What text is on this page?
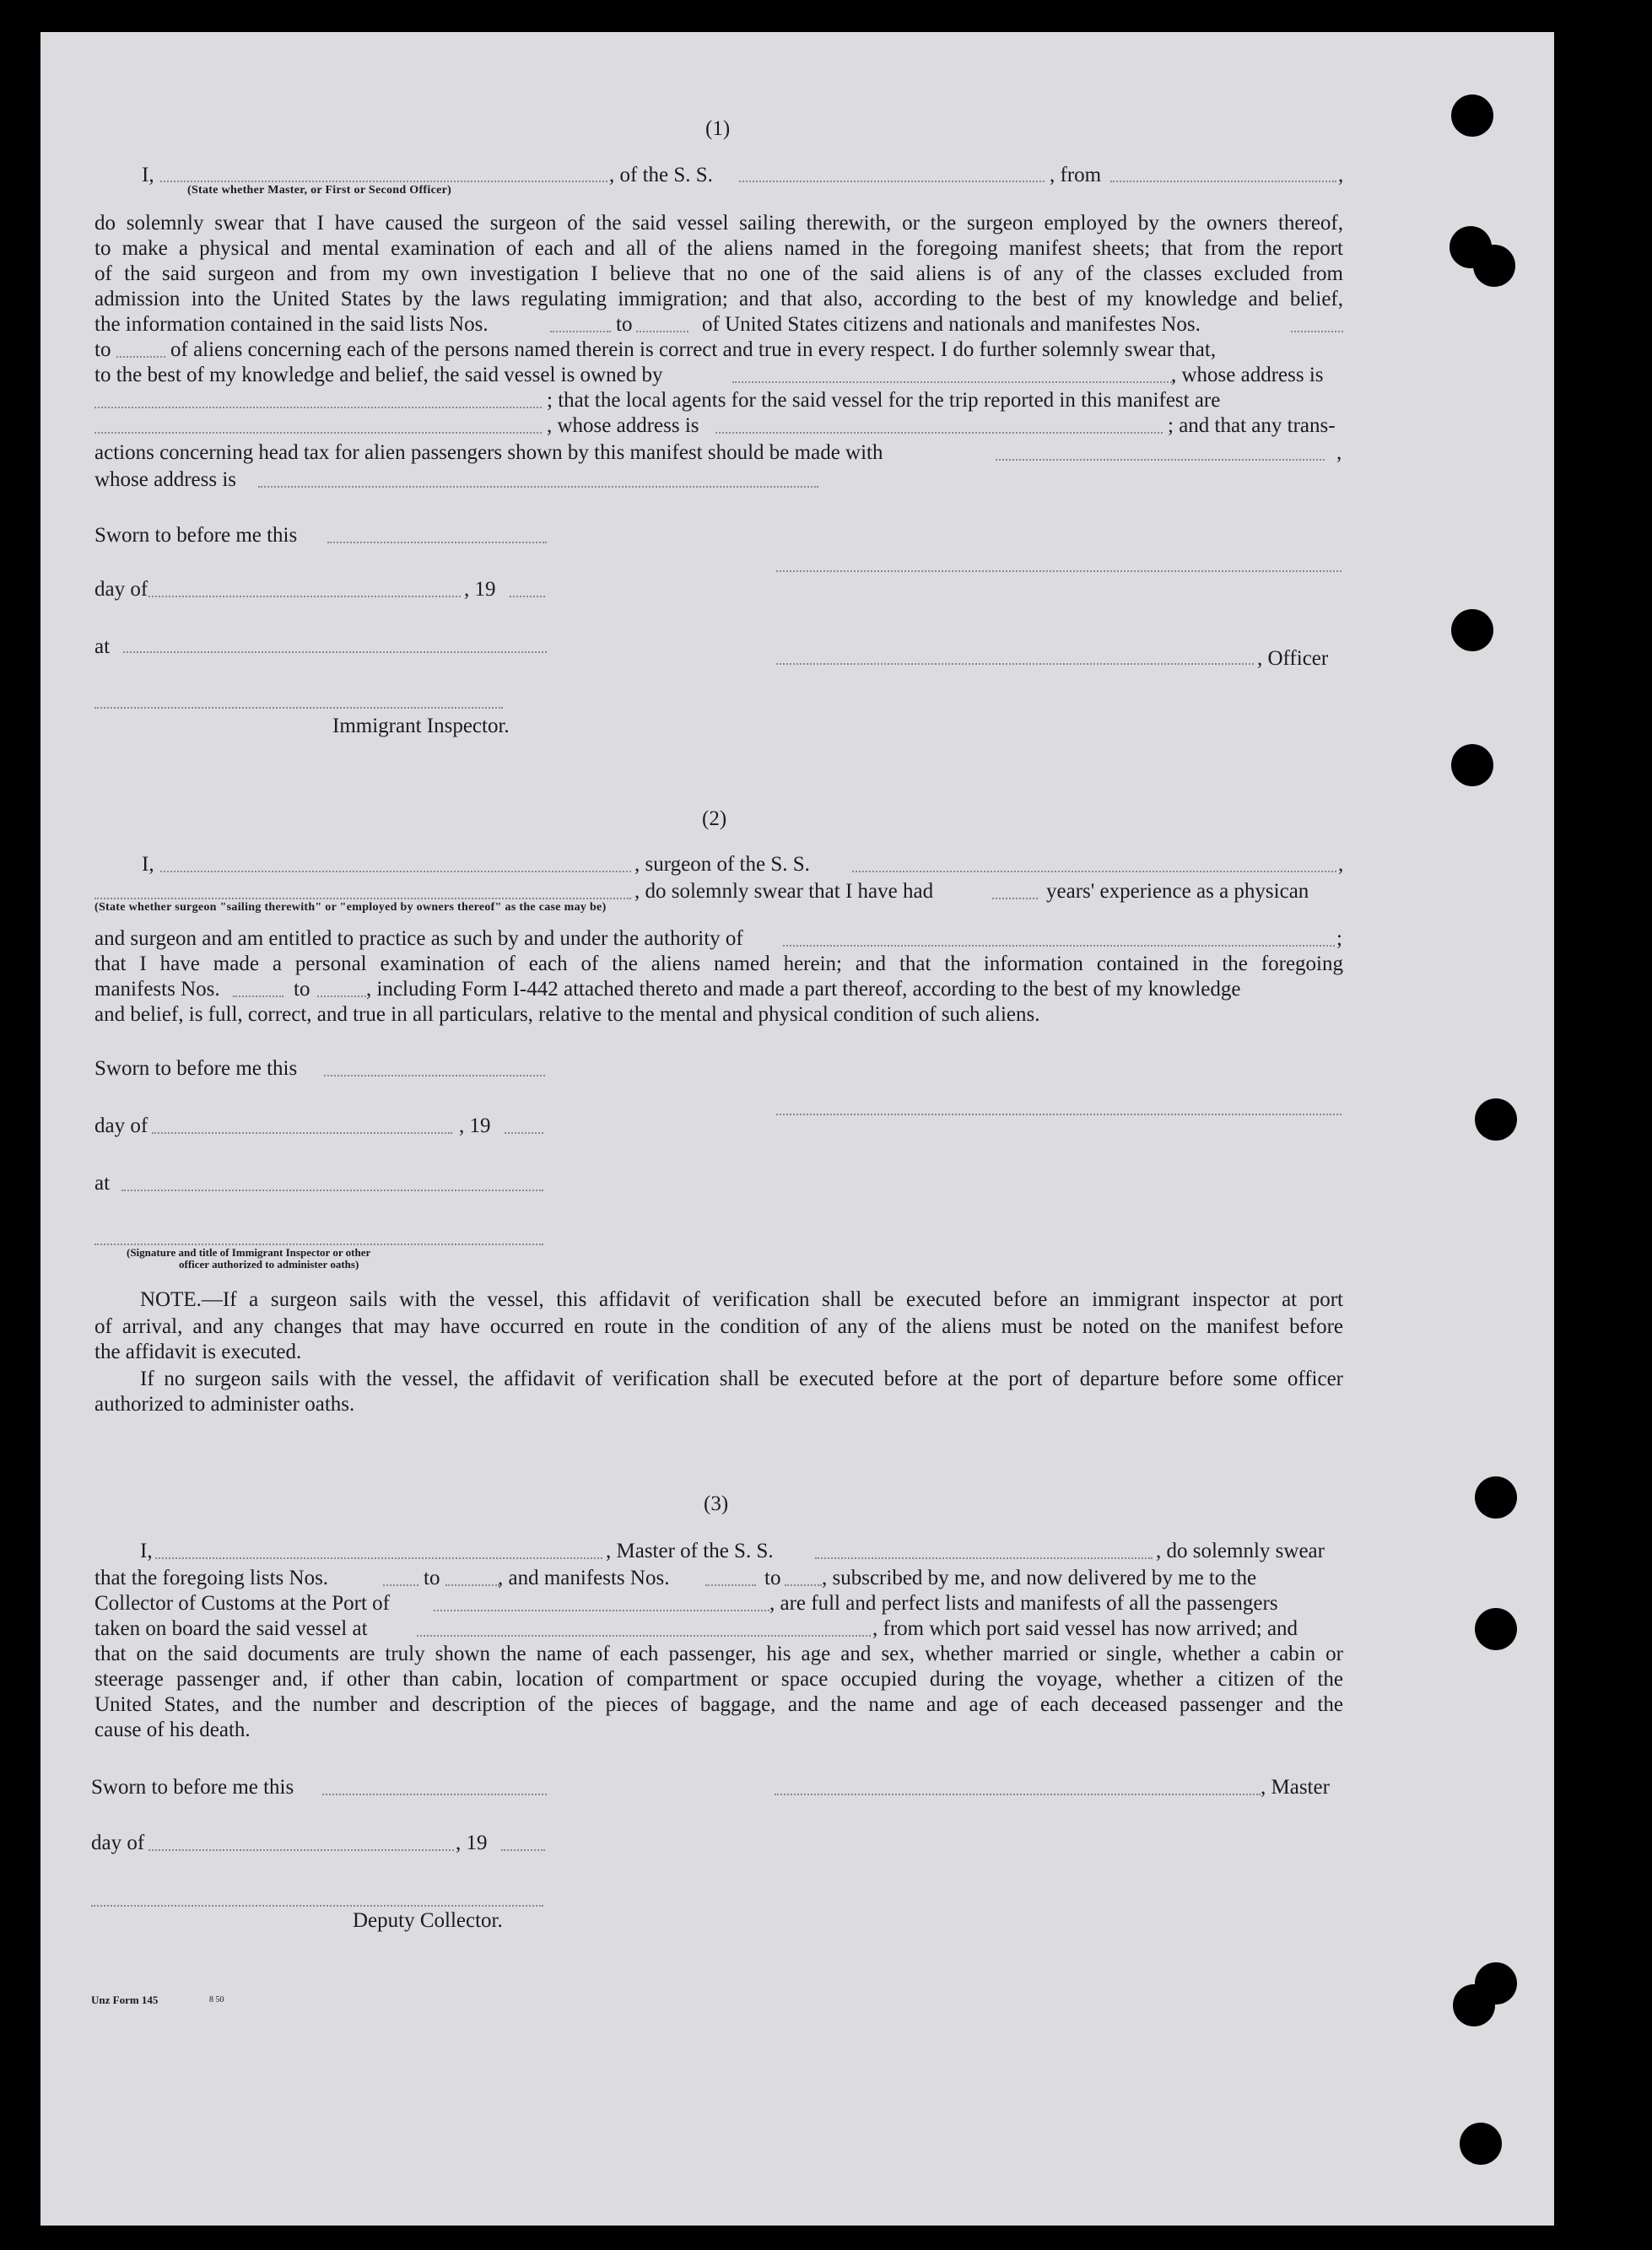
(1)
I,
(State whether Master, or First or Second Officer)
, of the S. S.	, from	,
do solemnly swear that I have caused the surgeon of the said vessel sailing therewith, or the surgeon employed by the owners thereof,
to make a physical and mental examination of each and all of the aliens named in the foregoing manifest sheets; that from the report
of the said surgeon and from my own investigation I believe that no one of the said aliens is of any of the classes excluded from
admission into the United States by the laws regulating immigration; and that also, according to the best of my knowledge and belief,
the information contained in the said lists Nos.	to	of United States citizens and nationals and manifestes Nos.
to	of aliens concerning each of the persons named therein is correct and true in every respect. I do further solemnly swear that,
to the best of my knowledge and belief, the said vessel is owned by	, whose address is
; that the local agents for the said vessel for the trip reported in this manifest are
, whose address is	; and that any trans-
actions concerning head tax for alien passengers shown by this manifest should be made with	,
whose address is
Sworn to before me this
day of	, 19
at
, Officer
Immigrant Inspector.
(2)
I,	, surgeon of the S. S.	,
, do solemnly swear that I have had	years' experience as a physican
(State whether surgeon "sailing therewith" or "employed by owners thereof" as the case may be)
and surgeon and am entitled to practice as such by and under the authority of	;
that I have made a personal examination of each of the aliens named herein; and that the information contained in the foregoing
manifests Nos.	to	, including Form I-442 attached thereto and made a part thereof, according to the best of my knowledge
and belief, is full, correct, and true in all particulars, relative to the mental and physical condition of such aliens.
Sworn to before me this
day of	, 19
at
(Signature and title of Immigrant Inspector or other
officer authorized to administer oaths)
NOTE.—If a surgeon sails with the vessel, this affidavit of verification shall be executed before an immigrant inspector at port
of arrival, and any changes that may have occurred en route in the condition of any of the aliens must be noted on the manifest before
the affidavit is executed.
If no surgeon sails with the vessel, the affidavit of verification shall be executed before at the port of departure before some officer
authorized to administer oaths.
(3)
I,	, Master of the S. S.	, do solemnly swear
that the foregoing lists Nos.	to	, and manifests Nos.	to , subscribed by me, and now delivered by me to the
Collector of Customs at the Port of	, are full and perfect lists and manifests of all the passengers
taken on board the said vessel at	, from which port said vessel has now arrived; and
that on the said documents are truly shown the name of each passenger, his age and sex, whether married or single, whether a cabin or
steerage passenger and, if other than cabin, location of compartment or space occupied during the voyage, whether a citizen of the
United States, and the number and description of the pieces of baggage, and the name and age of each deceased passenger and the
cause of his death.
Sworn to before me this	, Master
day of	, 19
Deputy Collector.
Unz Form 145	8 50
